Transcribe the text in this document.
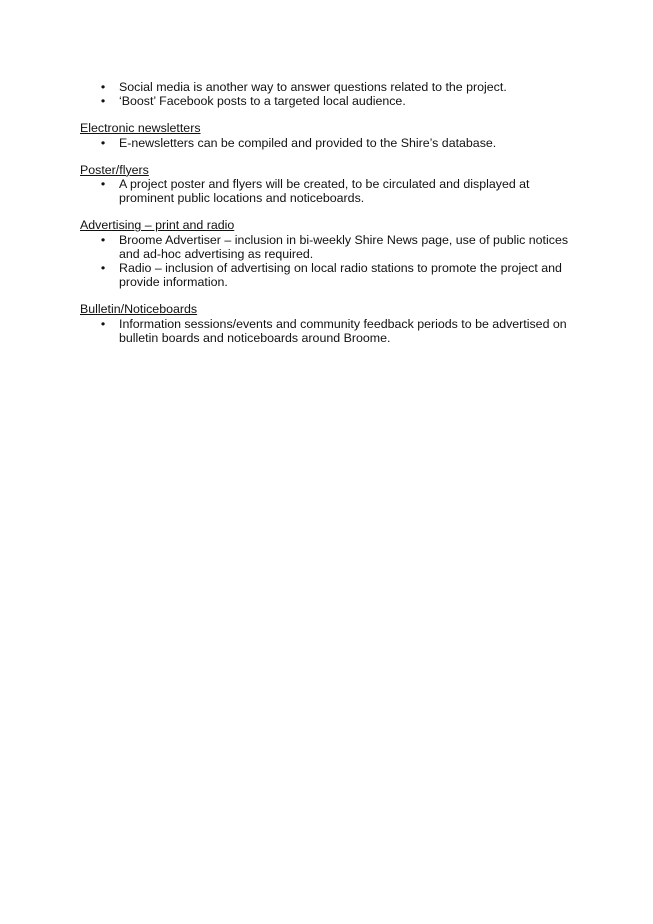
• Social media is another way to answer questions related to the project.
• ‘Boost’ Facebook posts to a targeted local audience.
Electronic newsletters
• E-newsletters can be compiled and provided to the Shire’s database.
Poster/flyers
• A project poster and flyers will be created, to be circulated and displayed at prominent public locations and noticeboards.
Advertising – print and radio
• Broome Advertiser – inclusion in bi-weekly Shire News page, use of public notices and ad-hoc advertising as required.
• Radio – inclusion of advertising on local radio stations to promote the project and provide information.
Bulletin/Noticeboards
• Information sessions/events and community feedback periods to be advertised on bulletin boards and noticeboards around Broome.
